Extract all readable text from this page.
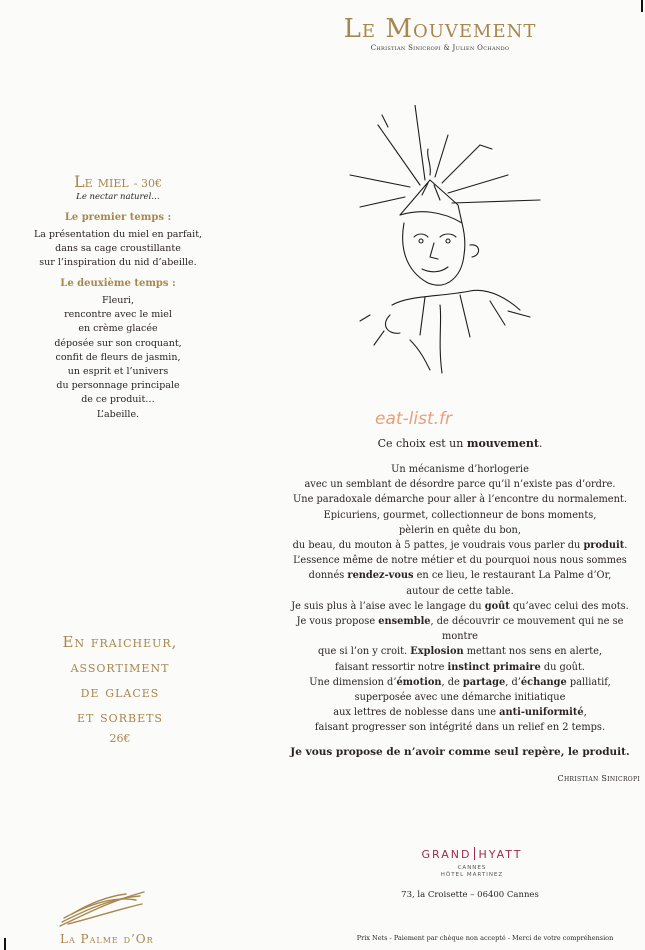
Le Mouvement
Christian Sinicropi & Julien Ochando
Le miel - 30€
Le nectar naturel…
Le premier temps :
La présentation du miel en parfait,
dans sa cage croustillante
sur l’inspiration du nid d’abeille.
Le deuxième temps :
Fleuri,
rencontre avec le miel
en crème glacée
déposée sur son croquant,
confit de fleurs de jasmin,
un esprit et l’univers
du personnage principale
de ce produit…
L’abeille.
En fraicheur,
assortiment
de glaces
et sorbets
26€
eat-list.fr
Ce choix est un mouvement.
Un mécanisme d’horlogerie
avec un semblant de désordre parce qu’il n’existe pas d’ordre.
Une paradoxale démarche pour aller à l’encontre du normalement.
Epicuriens, gourmet, collectionneur de bons moments,
pèlerin en quête du bon,
du beau, du mouton à 5 pattes, je voudrais vous parler du produit.
L’essence même de notre métier et du pourquoi nous nous sommes
donnés rendez-vous en ce lieu, le restaurant La Palme d’Or,
autour de cette table.
Je suis plus à l’aise avec le langage du goût qu’avec celui des mots.
Je vous propose ensemble, de découvrir ce mouvement qui ne se montre
que si l’on y croit. Explosion mettant nos sens en alerte,
faisant ressortir notre instinct primaire du goût.
Une dimension d’émotion, de partage, d’échange palliatif,
superposée avec une démarche initiatique
aux lettres de noblesse dans une anti-uniformité,
faisant progresser son intégrité dans un relief en 2 temps.
Je vous propose de n’avoir comme seul repère, le produit.
Christian Sinicropi
GRAND HYATT
CANNES
HÔTEL MARTINEZ
73, la Croisette – 06400 Cannes
La Palme d’Or	Prix Nets - Paiement par chèque non accepté - Merci de votre compréhension
